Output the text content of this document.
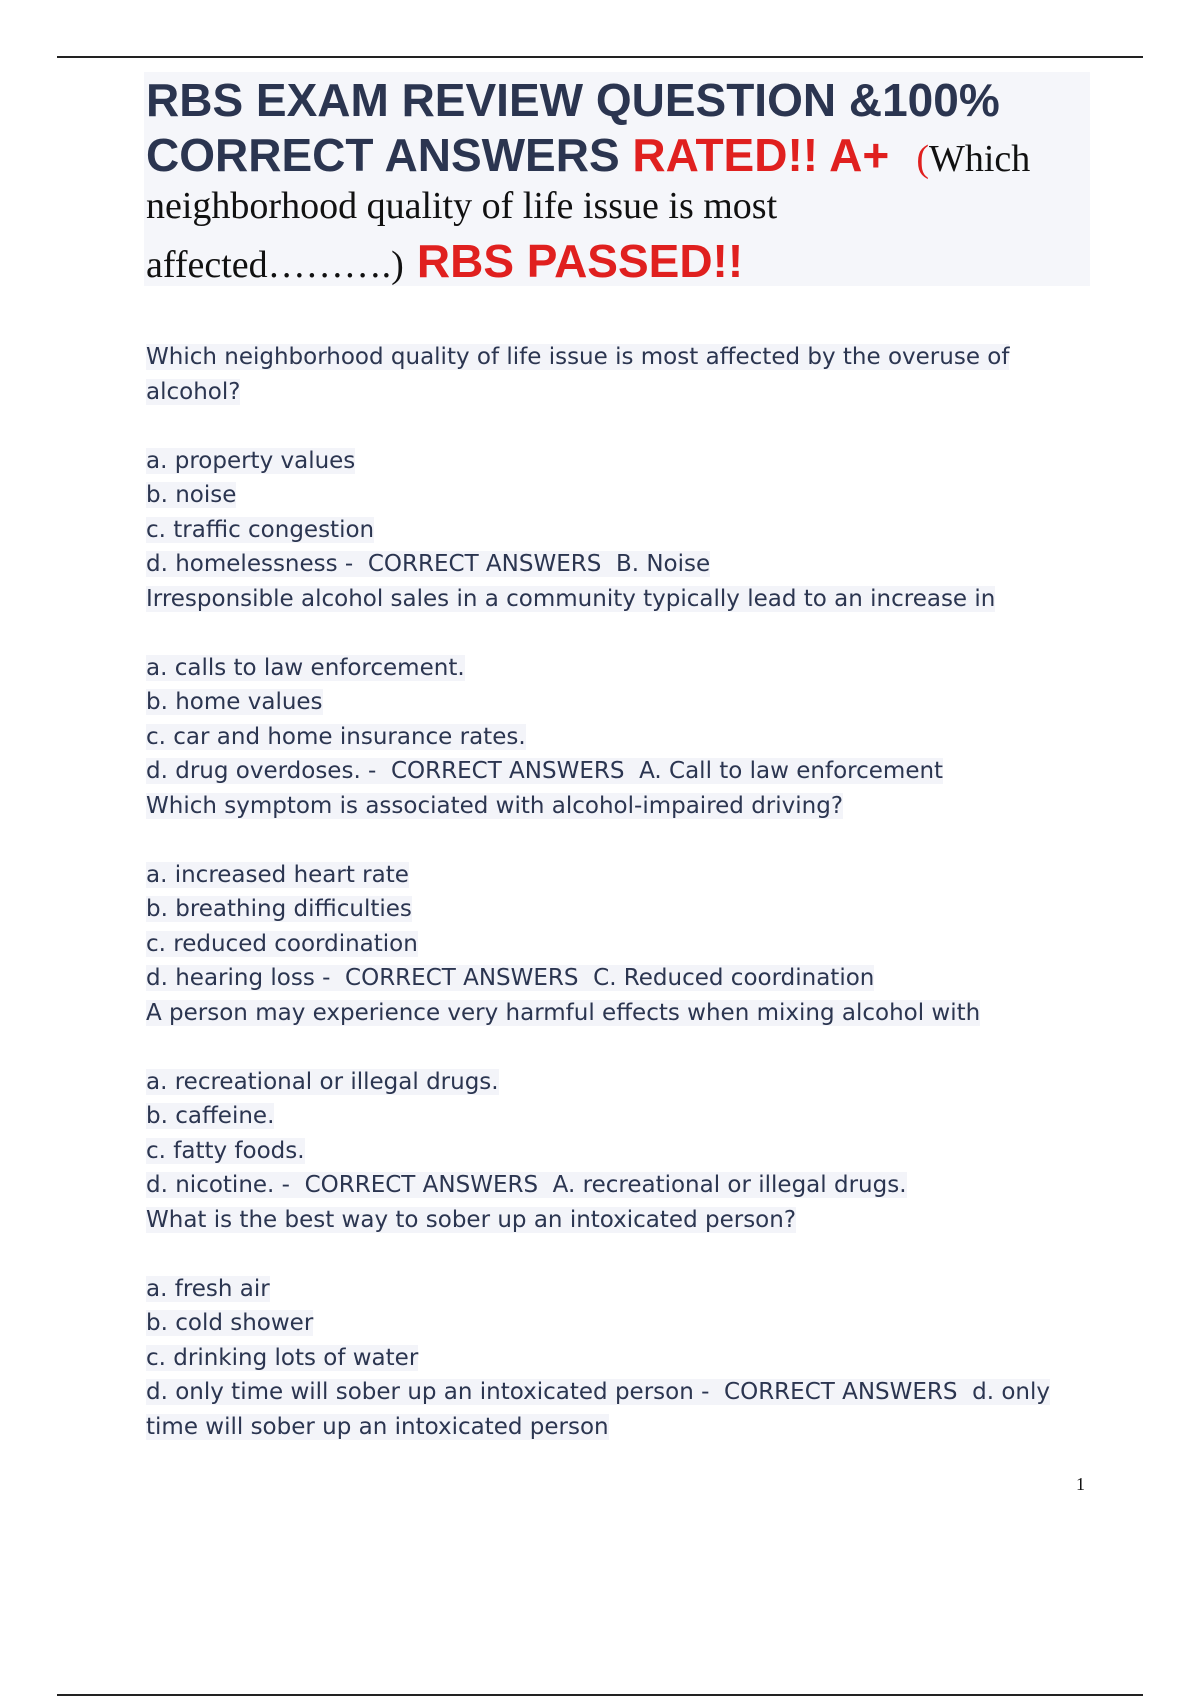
RBS EXAM REVIEW QUESTION &100%
CORRECT ANSWERS RATED!! A+ (Which
neighborhood quality of life issue is most
affected……….) RBS PASSED!!
Which neighborhood quality of life issue is most affected by the overuse of
alcohol?
a. property values
b. noise
c. traffic congestion
d. homelessness -  CORRECT ANSWERS  B. Noise
Irresponsible alcohol sales in a community typically lead to an increase in
a. calls to law enforcement.
b. home values
c. car and home insurance rates.
d. drug overdoses. -  CORRECT ANSWERS  A. Call to law enforcement
Which symptom is associated with alcohol-impaired driving?
a. increased heart rate
b. breathing difficulties
c. reduced coordination
d. hearing loss -  CORRECT ANSWERS  C. Reduced coordination
A person may experience very harmful effects when mixing alcohol with
a. recreational or illegal drugs.
b. caffeine.
c. fatty foods.
d. nicotine. -  CORRECT ANSWERS  A. recreational or illegal drugs.
What is the best way to sober up an intoxicated person?
a. fresh air
b. cold shower
c. drinking lots of water
d. only time will sober up an intoxicated person -  CORRECT ANSWERS  d. only
time will sober up an intoxicated person
1
